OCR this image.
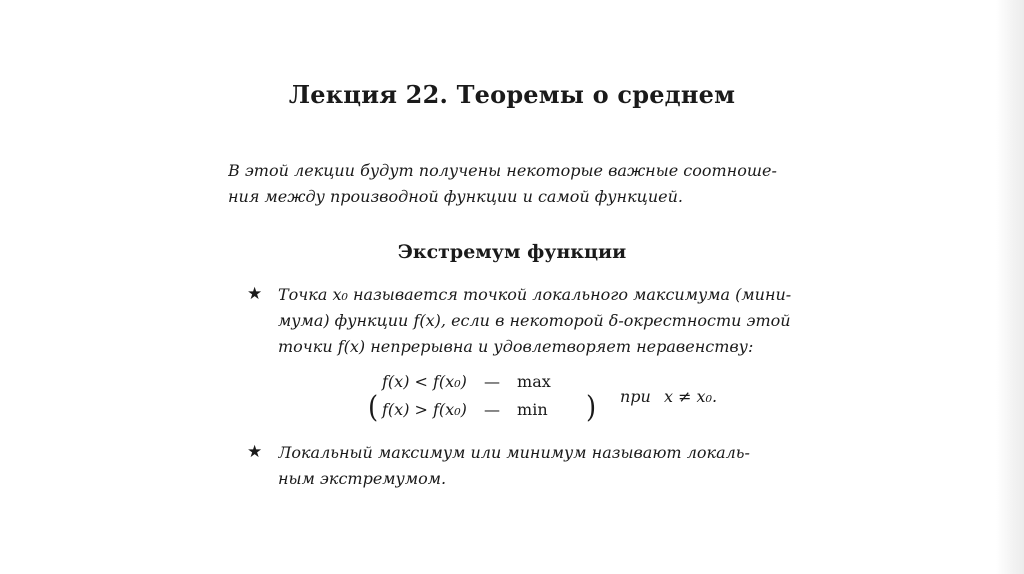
Лекция 22. Теоремы о среднем
В этой лекции будут получены некоторые важные соотноше-
ния между производной функции и самой функцией.
Экстремум функции
★ Точка x₀ называется точкой локального максимума (мини-
мума) функции f(x), если в некоторой δ-окрестности этой
точки f(x) непрерывна и удовлетворяет неравенству:
f(x) < f(x₀) — max
( f(x) > f(x₀) — min ) при x ≠ x₀.
★ Локальный максимум или минимум называют локаль-
ным экстремумом.
